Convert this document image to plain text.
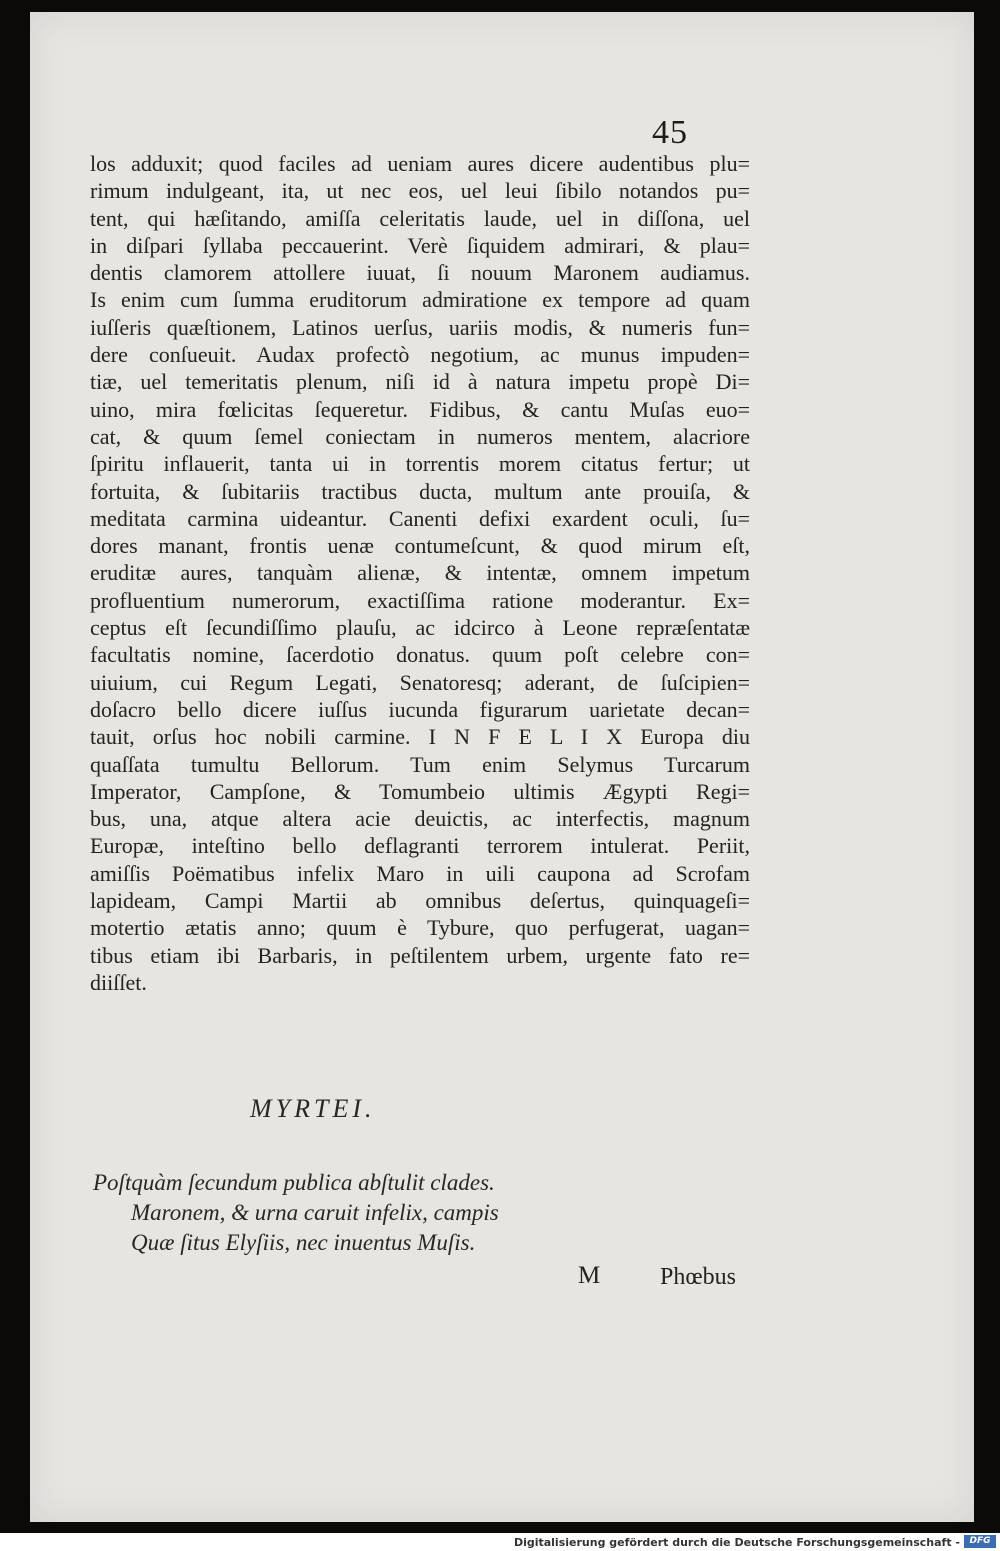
45
los adduxit; quod faciles ad ueniam aures dicere audentibus plu=
rimum indulgeant, ita, ut nec eos, uel leui ſibilo notandos pu=
tent, qui hæſitando, amiſſa celeritatis laude, uel in diſſona, uel
in diſpari ſyllaba peccauerint. Verè ſiquidem admirari, & plau=
dentis clamorem attollere iuuat, ſi nouum Maronem audiamus.
Is enim cum ſumma eruditorum admiratione ex tempore ad quam
iuſſeris quæſtionem, Latinos uerſus, uariis modis, & numeris fun=
dere conſueuit. Audax profectò negotium, ac munus impuden=
tiæ, uel temeritatis plenum, niſi id à natura impetu propè Di=
uino, mira fœlicitas ſequeretur. Fidibus, & cantu Muſas euo=
cat, & quum ſemel coniectam in numeros mentem, alacriore
ſpiritu inflauerit, tanta ui in torrentis morem citatus fertur; ut
fortuita, & ſubitariis tractibus ducta, multum ante prouiſa, &
meditata carmina uideantur. Canenti defixi exardent oculi, ſu=
dores manant, frontis uenæ contumeſcunt, & quod mirum eſt,
eruditæ aures, tanquàm alienæ, & intentæ, omnem impetum
profluentium numerorum, exactiſſima ratione moderantur. Ex=
ceptus eſt ſecundiſſimo plauſu, ac idcirco à Leone repræſentatæ
facultatis nomine, ſacerdotio donatus. quum poſt celebre con=
uiuium, cui Regum Legati, Senatoresq; aderant, de ſuſcipien=
doſacro bello dicere iuſſus iucunda figurarum uarietate decan=
tauit, orſus hoc nobili carmine. I N F E L I X Europa diu
quaſſata tumultu Bellorum. Tum enim Selymus Turcarum
Imperator, Campſone, & Tomumbeio ultimis Ægypti Regi=
bus, una, atque altera acie deuictis, ac interfectis, magnum
Europæ, inteſtino bello deflagranti terrorem intulerat. Periit,
amiſſis Poëmatibus infelix Maro in uili caupona ad Scrofam
lapideam, Campi Martii ab omnibus deſertus, quinquageſi=
motertio ætatis anno; quum è Tybure, quo perfugerat, uagan=
tibus etiam ibi Barbaris, in peſtilentem urbem, urgente fato re=
diiſſet.
MYRTEI.
Poſtquàm ſecundum publica abſtulit clades.
Maronem, & urna caruit infelix, campis
Quæ ſitus Elyſiis, nec inuentus Muſis.
M Phœbus
Digitalisierung gefördert durch die Deutsche Forschungsgemeinschaft -	DFG
